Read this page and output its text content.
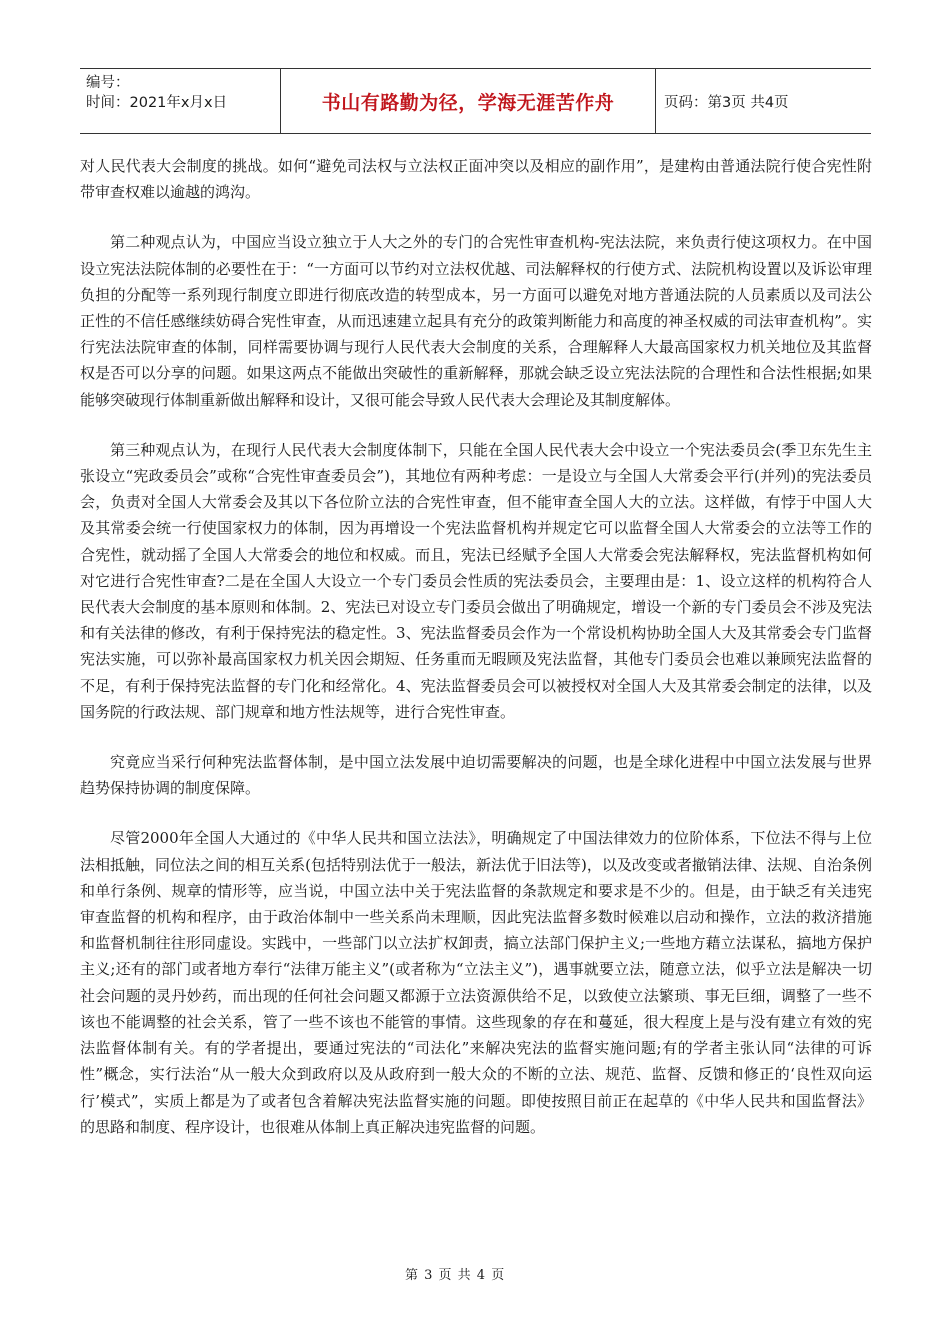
编号：
时间：2021年x月x日	书山有路勤为径，学海无涯苦作舟	页码：第3页 共4页

对人民代表大会制度的挑战。如何“避免司法权与立法权正面冲突以及相应的副作用”，是建构由普通法院行使合宪性附带审查权难以逾越的鸿沟。

第二种观点认为，中国应当设立独立于人大之外的专门的合宪性审查机构-宪法法院，来负责行使这项权力。在中国设立宪法法院体制的必要性在于：“一方面可以节约对立法权优越、司法解释权的行使方式、法院机构设置以及诉讼审理负担的分配等一系列现行制度立即进行彻底改造的转型成本，另一方面可以避免对地方普通法院的人员素质以及司法公正性的不信任感继续妨碍合宪性审查，从而迅速建立起具有充分的政策判断能力和高度的神圣权威的司法审查机构”。实行宪法法院审查的体制，同样需要协调与现行人民代表大会制度的关系，合理解释人大最高国家权力机关地位及其监督权是否可以分享的问题。如果这两点不能做出突破性的重新解释，那就会缺乏设立宪法法院的合理性和合法性根据;如果能够突破现行体制重新做出解释和设计，又很可能会导致人民代表大会理论及其制度解体。

第三种观点认为，在现行人民代表大会制度体制下，只能在全国人民代表大会中设立一个宪法委员会(季卫东先生主张设立“宪政委员会”或称“合宪性审查委员会”)，其地位有两种考虑：一是设立与全国人大常委会平行(并列)的宪法委员会，负责对全国人大常委会及其以下各位阶立法的合宪性审查，但不能审查全国人大的立法。这样做，有悖于中国人大及其常委会统一行使国家权力的体制，因为再增设一个宪法监督机构并规定它可以监督全国人大常委会的立法等工作的合宪性，就动摇了全国人大常委会的地位和权威。而且，宪法已经赋予全国人大常委会宪法解释权，宪法监督机构如何对它进行合宪性审查?二是在全国人大设立一个专门委员会性质的宪法委员会，主要理由是：1、设立这样的机构符合人民代表大会制度的基本原则和体制。2、宪法已对设立专门委员会做出了明确规定，增设一个新的专门委员会不涉及宪法和有关法律的修改，有利于保持宪法的稳定性。3、宪法监督委员会作为一个常设机构协助全国人大及其常委会专门监督宪法实施，可以弥补最高国家权力机关因会期短、任务重而无暇顾及宪法监督，其他专门委员会也难以兼顾宪法监督的不足，有利于保持宪法监督的专门化和经常化。4、宪法监督委员会可以被授权对全国人大及其常委会制定的法律，以及国务院的行政法规、部门规章和地方性法规等，进行合宪性审查。

究竟应当采行何种宪法监督体制，是中国立法发展中迫切需要解决的问题，也是全球化进程中中国立法发展与世界趋势保持协调的制度保障。

尽管2000年全国人大通过的《中华人民共和国立法法》，明确规定了中国法律效力的位阶体系，下位法不得与上位法相抵触，同位法之间的相互关系(包括特别法优于一般法，新法优于旧法等)，以及改变或者撤销法律、法规、自治条例和单行条例、规章的情形等，应当说，中国立法中关于宪法监督的条款规定和要求是不少的。但是，由于缺乏有关违宪审查监督的机构和程序，由于政治体制中一些关系尚未理顺，因此宪法监督多数时候难以启动和操作，立法的救济措施和监督机制往往形同虚设。实践中，一些部门以立法扩权卸责，搞立法部门保护主义;一些地方藉立法谋私，搞地方保护主义;还有的部门或者地方奉行“法律万能主义”(或者称为“立法主义”)，遇事就要立法，随意立法，似乎立法是解决一切社会问题的灵丹妙药，而出现的任何社会问题又都源于立法资源供给不足，以致使立法繁琐、事无巨细，调整了一些不该也不能调整的社会关系，管了一些不该也不能管的事情。这些现象的存在和蔓延，很大程度上是与没有建立有效的宪法监督体制有关。有的学者提出，要通过宪法的“司法化”来解决宪法的监督实施问题;有的学者主张认同“法律的可诉性”概念，实行法治“从一般大众到政府以及从政府到一般大众的不断的立法、规范、监督、反馈和修正的‘良性双向运行’模式”，实质上都是为了或者包含着解决宪法监督实施的问题。即使按照目前正在起草的《中华人民共和国监督法》的思路和制度、程序设计，也很难从体制上真正解决违宪监督的问题。

第 3 页 共 4 页
